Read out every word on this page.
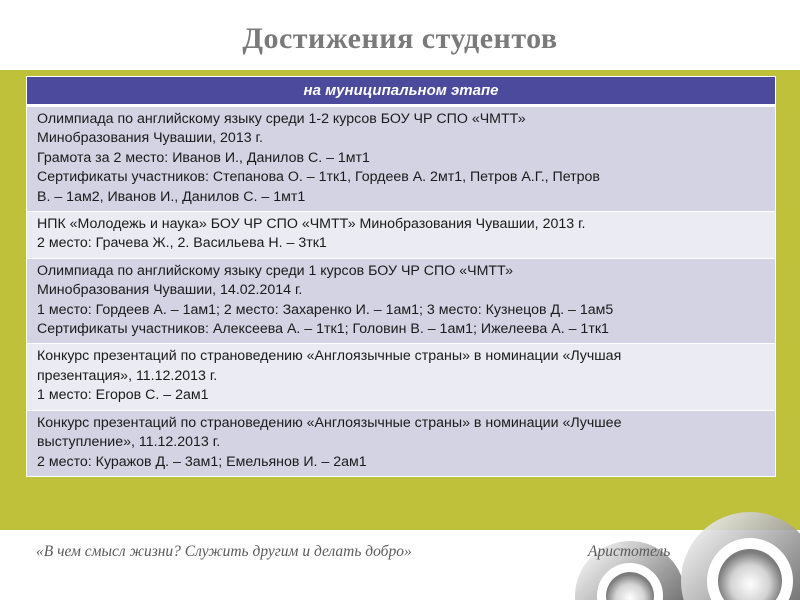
Достижения студентов
на муниципальном этапе
Олимпиада по английскому языку среди 1-2 курсов БОУ ЧР СПО «ЧМТТ»
Минобразования Чувашии, 2013 г.
Грамота за 2 место: Иванов И., Данилов С. – 1мт1
Сертификаты участников: Степанова О. – 1тк1, Гордеев А. 2мт1, Петров А.Г., Петров
В. – 1ам2, Иванов И., Данилов С. – 1мт1
НПК «Молодежь и наука» БОУ ЧР СПО «ЧМТТ» Минобразования Чувашии, 2013 г.
2 место: Грачева Ж., 2. Васильева Н. – 3тк1
Олимпиада по английскому языку среди 1 курсов БОУ ЧР СПО «ЧМТТ»
Минобразования Чувашии, 14.02.2014 г.
1 место: Гордеев А. – 1ам1; 2 место: Захаренко И. – 1ам1; 3 место: Кузнецов Д. – 1ам5
Сертификаты участников: Алексеева А. – 1тк1; Головин В. – 1ам1; Ижелеева А. – 1тк1
Конкурс презентаций по страноведению «Англоязычные страны» в номинации «Лучшая
презентация», 11.12.2013 г.
1 место: Егоров С. – 2ам1
Конкурс презентаций по страноведению «Англоязычные страны» в номинации «Лучшее
выступление», 11.12.2013 г.
2 место: Куражов Д. – 3ам1; Емельянов И. – 2ам1
«В чем смысл жизни? Служить другим и делать добро»	Аристотель
